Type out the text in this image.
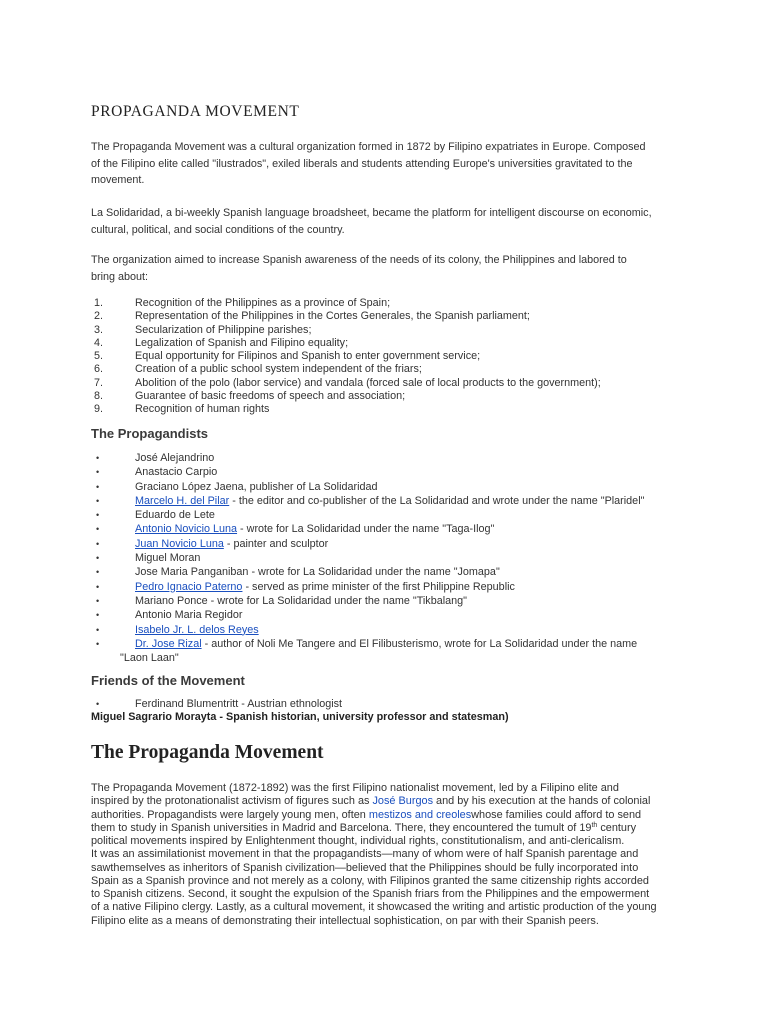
PROPAGANDA MOVEMENT
The Propaganda Movement was a cultural organization formed in 1872 by Filipino expatriates in Europe. Composed
of the Filipino elite called "ilustrados", exiled liberals and students attending Europe's universities gravitated to the
movement.
La Solidaridad, a bi-weekly Spanish language broadsheet, became the platform for intelligent discourse on economic,
cultural, political, and social conditions of the country.
The organization aimed to increase Spanish awareness of the needs of its colony, the Philippines and labored to
bring about:
1.	Recognition of the Philippines as a province of Spain;
2.	Representation of the Philippines in the Cortes Generales, the Spanish parliament;
3.	Secularization of Philippine parishes;
4.	Legalization of Spanish and Filipino equality;
5.	Equal opportunity for Filipinos and Spanish to enter government service;
6.	Creation of a public school system independent of the friars;
7.	Abolition of the polo (labor service) and vandala (forced sale of local products to the government);
8.	Guarantee of basic freedoms of speech and association;
9.	Recognition of human rights
The Propagandists
•	José Alejandrino
•	Anastacio Carpio
•	Graciano López Jaena, publisher of La Solidaridad
•	Marcelo H. del Pilar - the editor and co-publisher of the La Solidaridad and wrote under the name "Plaridel"
•	Eduardo de Lete
•	Antonio Novicio Luna - wrote for La Solidaridad under the name "Taga-Ilog"
•	Juan Novicio Luna - painter and sculptor
•	Miguel Moran
•	Jose Maria Panganiban - wrote for La Solidaridad under the name "Jomapa"
•	Pedro Ignacio Paterno - served as prime minister of the first Philippine Republic
•	Mariano Ponce - wrote for La Solidaridad under the name "Tikbalang"
•	Antonio Maria Regidor
•	Isabelo Jr. L. delos Reyes
•	Dr. Jose Rizal - author of Noli Me Tangere and El Filibusterismo, wrote for La Solidaridad under the name
"Laon Laan"
Friends of the Movement
•	Ferdinand Blumentritt - Austrian ethnologist
Miguel Sagrario Morayta - Spanish historian, university professor and statesman)
The Propaganda Movement
The Propaganda Movement (1872-1892) was the first Filipino nationalist movement, led by a Filipino elite and
inspired by the protonationalist activism of figures such as José Burgos and by his execution at the hands of colonial
authorities. Propagandists were largely young men, often mestizos and creoleswhose families could afford to send
them to study in Spanish universities in Madrid and Barcelona. There, they encountered the tumult of 19th century
political movements inspired by Enlightenment thought, individual rights, constitutionalism, and anti-clericalism.
It was an assimilationist movement in that the propagandists—many of whom were of half Spanish parentage and
sawthemselves as inheritors of Spanish civilization—believed that the Philippines should be fully incorporated into
Spain as a Spanish province and not merely as a colony, with Filipinos granted the same citizenship rights accorded
to Spanish citizens. Second, it sought the expulsion of the Spanish friars from the Philippines and the empowerment
of a native Filipino clergy. Lastly, as a cultural movement, it showcased the writing and artistic production of the young
Filipino elite as a means of demonstrating their intellectual sophistication, on par with their Spanish peers.
